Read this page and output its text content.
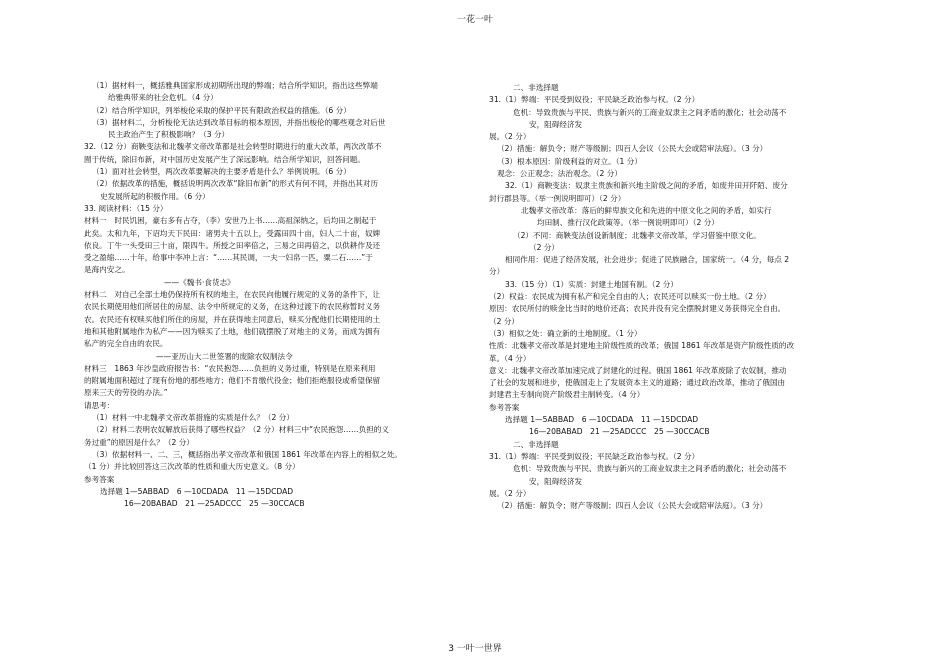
一花一叶
（1）据材料一，概括雅典国家形成初期所出现的弊端；结合所学知识，指出这些弊端
给雅典带来的社会危机。（4 分）
（2）结合所学知识，列举梭伦采取的保护平民有限政治权益的措施。（6 分）
（3）据材料二，分析梭伦无法达到改革目标的根本原因，并指出梭伦的哪些观念对后世
民主政治产生了积极影响？（3 分）
32.（12 分）商鞅变法和北魏孝文帝改革都是社会转型时期进行的重大改革，两次改革不
囿于传统，除旧布新，对中国历史发展产生了深远影响。结合所学知识，回答问题。
（1）面对社会转型，两次改革要解决的主要矛盾是什么？举例说明。（6 分）
（2）依据改革的措施，概括说明两次改革“除旧布新”的形式有何不同，并指出其对历
史发展所起的积极作用。（6 分）
33. 阅读材料：（15 分）
材料一　时民饥困，豪右多有占夺，（李）安世乃上书……高祖深纳之，后均田之制起于
此矣。太和九年，下诏均天下民田：诸男夫十五以上，受露田四十亩，妇人二十亩，奴婢
依良。丁牛一头受田三十亩，限四牛。所授之田率倍之，三易之田再倍之，以供耕作及还
受之盈缩……十年，给事中李冲上言：“……其民调，一夫一妇帛一匹，粟二石……”于
是海内安之。
——《魏书·食货志》
材料二　对自己全部土地仍保持所有权的地主，在农民向他履行规定的义务的条件下，让
农民长期使用他们所居住的房屋、法令中所规定的义务，在这种过渡下的农民称暂时义务
农。农民还有权赎买他们所住的房屋，并在获得地主同意后，赎买分配他们长期使用的土
地和其他附属地作为私产——因为赎买了土地，他们就摆脱了对地主的义务，而成为拥有
私产的完全自由的农民。
——亚历山大二世签署的废除农奴制法令
材料三　1863 年沙皇政府报告书：“农民抱怨……负担的义务过重，特别是在原来利用
的附属地面积超过了现有份地的那些地方；他们不肯缴代役金；他们拒绝服役或希望保留
原来三天的劳役的办法。”
请思考：
（1）材料一中北魏孝文帝改革措施的实质是什么？（2 分）
（2）材料二表明农奴解放后获得了哪些权益？（2 分）材料三中“农民抱怨……负担的义
务过重”的原因是什么？（2 分）
（3）依据材料一、二、三，概括指出孝文帝改革和俄国 1861 年改革在内容上的相似之处。
（1 分）并比较回答这三次改革的性质和重大历史意义。（8 分）
参考答案
选择题 1—5ABBAD　6 —10CDADA　11 —15DCDAD
16—20BABAD　21 —25ADCCC　25 —30CCACB
二、非选择题
31.（1）弊端：平民受到奴役；平民缺乏政治参与权。（2 分）
危机：导致贵族与平民、贵族与新兴的工商业奴隶主之间矛盾的激化；社会动荡不
安，阻碍经济发
展。（2 分）
（2）措施：解负令；财产等级制；四百人会议（公民大会或陪审法庭）。（3 分）
（3）根本原因：阶级利益的对立。（1 分）
观念：公正观念；法治观念。（2 分）
32.（1）商鞅变法：奴隶主贵族和新兴地主阶级之间的矛盾，如废井田开阡陌、废分
封行郡县等。（举一例说明即可）（2 分）
北魏孝文帝改革：落后的鲜卑族文化和先进的中原文化之间的矛盾，如实行
均田制、推行汉化政策等。（举一例说明即可）（2 分）
（2）不同：商鞅变法创设新制度；北魏孝文帝改革，学习借鉴中原文化。
（2 分）
相同作用：促进了经济发展，社会进步；促进了民族融合，国家统一。（4 分，每点 2
分）
33.（15 分）（1）实质：封建土地国有制。（2 分）
（2）权益：农民成为拥有私产和完全自由的人；农民还可以赎买一份土地。（2 分）
原因：农民所付的赎金比当时的地价还高；农民并没有完全摆脱封建义务获得完全自由。
（2 分）
（3）相似之处：确立新的土地制度。（1 分）
性质：北魏孝文帝改革是封建地主阶级性质的改革；俄国 1861 年改革是资产阶级性质的改
革。（4 分）
意义：北魏孝文帝改革加速完成了封建化的过程。俄国 1861 年改革废除了农奴制，推动
了社会的发展和进步，使俄国走上了发展资本主义的道路；通过政治改革，推动了俄国由
封建君主专制向资产阶级君主制转变。（4 分）
参考答案
选择题 1—5ABBAD　6 —10CDADA　11 —15DCDAD
16—20BABAD　21 —25ADCCC　25 —30CCACB
二、非选择题
31.（1）弊端：平民受到奴役；平民缺乏政治参与权。（2 分）
危机：导致贵族与平民、贵族与新兴的工商业奴隶主之间矛盾的激化；社会动荡不
安，阻碍经济发
展。（2 分）
（2）措施：解负令；财产等级制；四百人会议（公民大会或陪审法庭）。（3 分）
3 一叶一世界
